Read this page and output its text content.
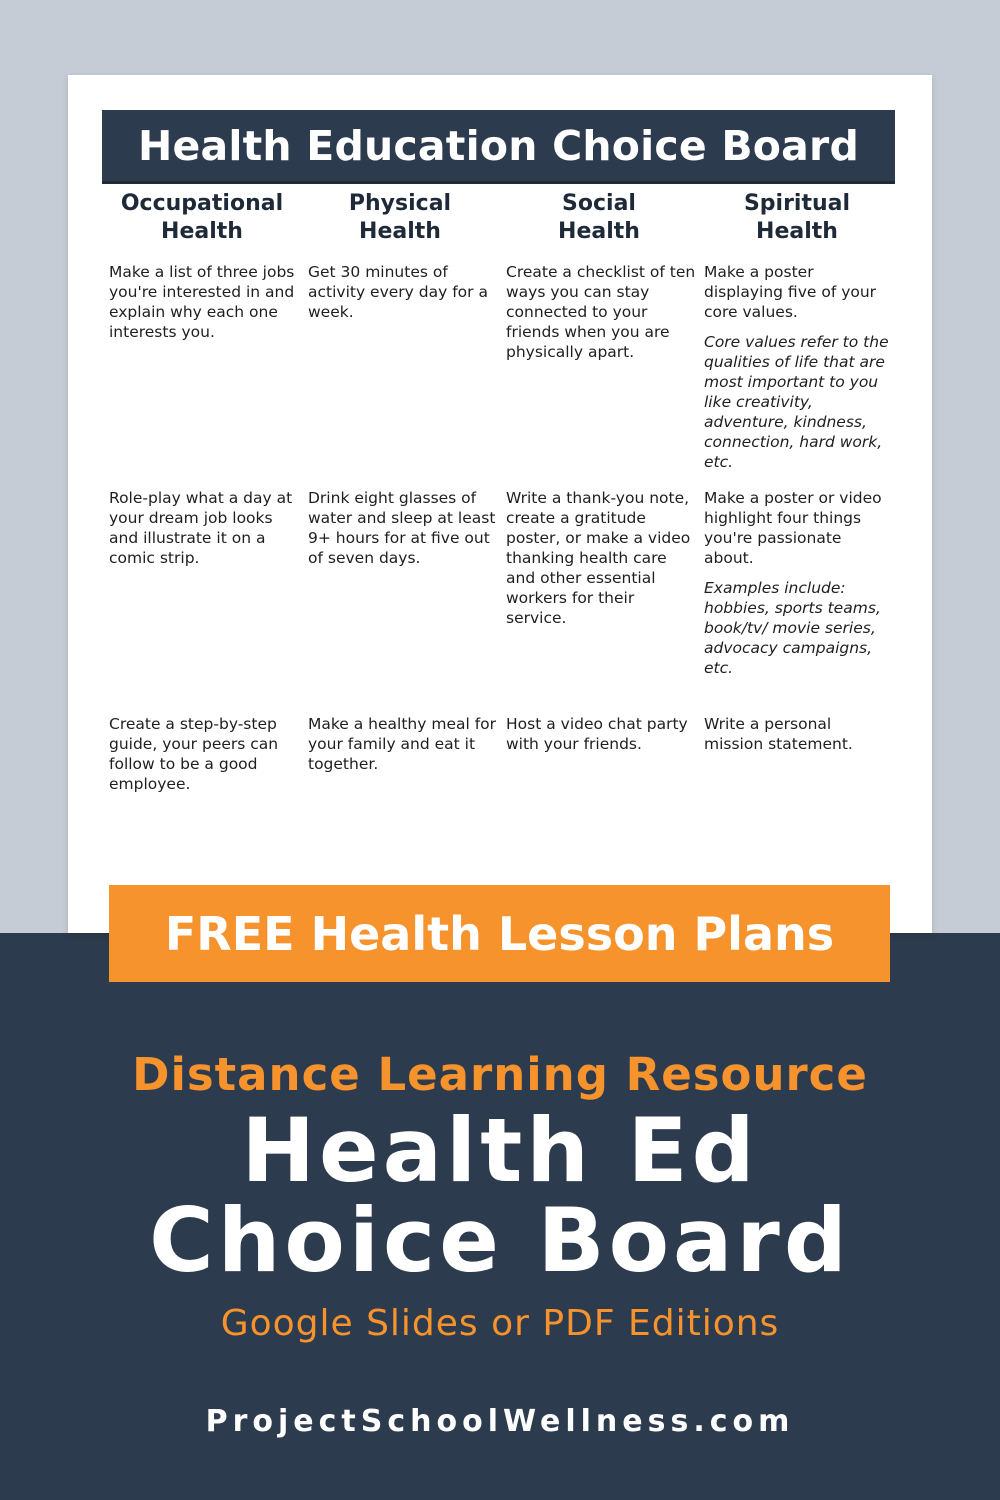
Health Education Choice Board
Occupational
Health
Physical
Health
Social
Health
Spiritual
Health
Make a list of three jobs you're interested in and explain why each one interests you.
Get 30 minutes of activity every day for a week.
Create a checklist of ten ways you can stay connected to your friends when you are physically apart.
Make a poster displaying five of your core values.
Core values refer to the qualities of life that are most important to you like creativity, adventure, kindness, connection, hard work, etc.
Role-play what a day at your dream job looks and illustrate it on a comic strip.
Drink eight glasses of water and sleep at least 9+ hours for at five out of seven days.
Write a thank-you note, create a gratitude poster, or make a video thanking health care and other essential workers for their service.
Make a poster or video highlight four things you're passionate about.
Examples include: hobbies, sports teams, book/tv/ movie series, advocacy campaigns, etc.
Create a step-by-step guide, your peers can follow to be a good employee.
Make a healthy meal for your family and eat it together.
Host a video chat party with your friends.
Write a personal mission statement.
FREE Health Lesson Plans
Distance Learning Resource
Health Ed
Choice Board
Google Slides or PDF Editions
ProjectSchoolWellness.com
